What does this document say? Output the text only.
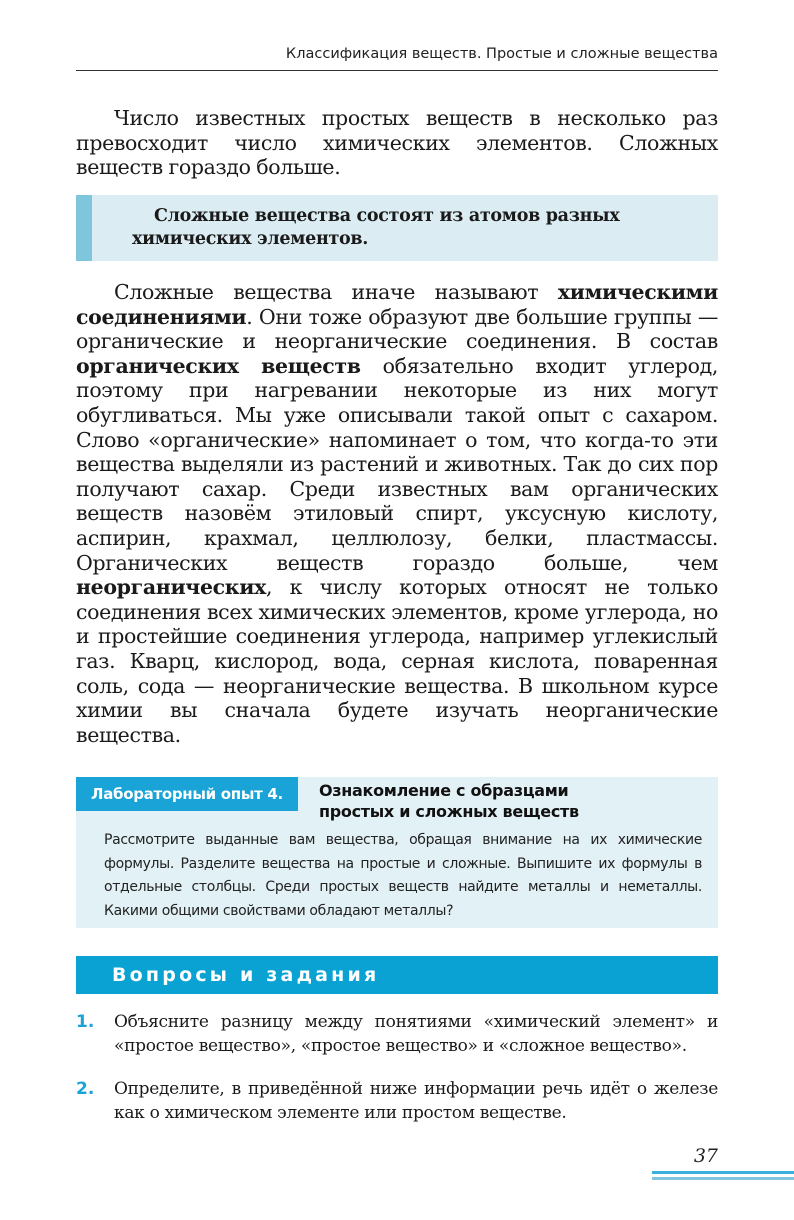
Классификация веществ. Простые и сложные вещества

Число известных простых веществ в несколько раз превосходит число химических элементов. Сложных веществ гораздо больше.

Сложные вещества состоят из атомов разных химических элементов.

Сложные вещества иначе называют химическими соединениями. Они тоже образуют две большие группы — органические и неорганические соединения. В состав органических веществ обязательно входит углерод, поэтому при нагревании некоторые из них могут обугливаться. Мы уже описывали такой опыт с сахаром. Слово «органические» напоминает о том, что когда-то эти вещества выделяли из растений и животных. Так до сих пор получают сахар. Среди известных вам органических веществ назовём этиловый спирт, уксусную кислоту, аспирин, крахмал, целлюлозу, белки, пластмассы. Органических веществ гораздо больше, чем неорганических, к числу которых относят не только соединения всех химических элементов, кроме углерода, но и простейшие соединения углерода, например углекислый газ. Кварц, кислород, вода, серная кислота, поваренная соль, сода — неорганические вещества. В школьном курсе химии вы сначала будете изучать неорганические вещества.

Лабораторный опыт 4.	Ознакомление с образцами
простых и сложных веществ

Рассмотрите выданные вам вещества, обращая внимание на их химические формулы. Разделите вещества на простые и сложные. Выпишите их формулы в отдельные столбцы. Среди простых веществ найдите металлы и неметаллы. Какими общими свойствами обладают металлы?

Вопросы и задания
1. Объясните разницу между понятиями «химический элемент» и «простое вещество», «простое вещество» и «сложное вещество».

2. Определите, в приведённой ниже информации речь идёт о железе как о химическом элементе или простом веществе.

37
